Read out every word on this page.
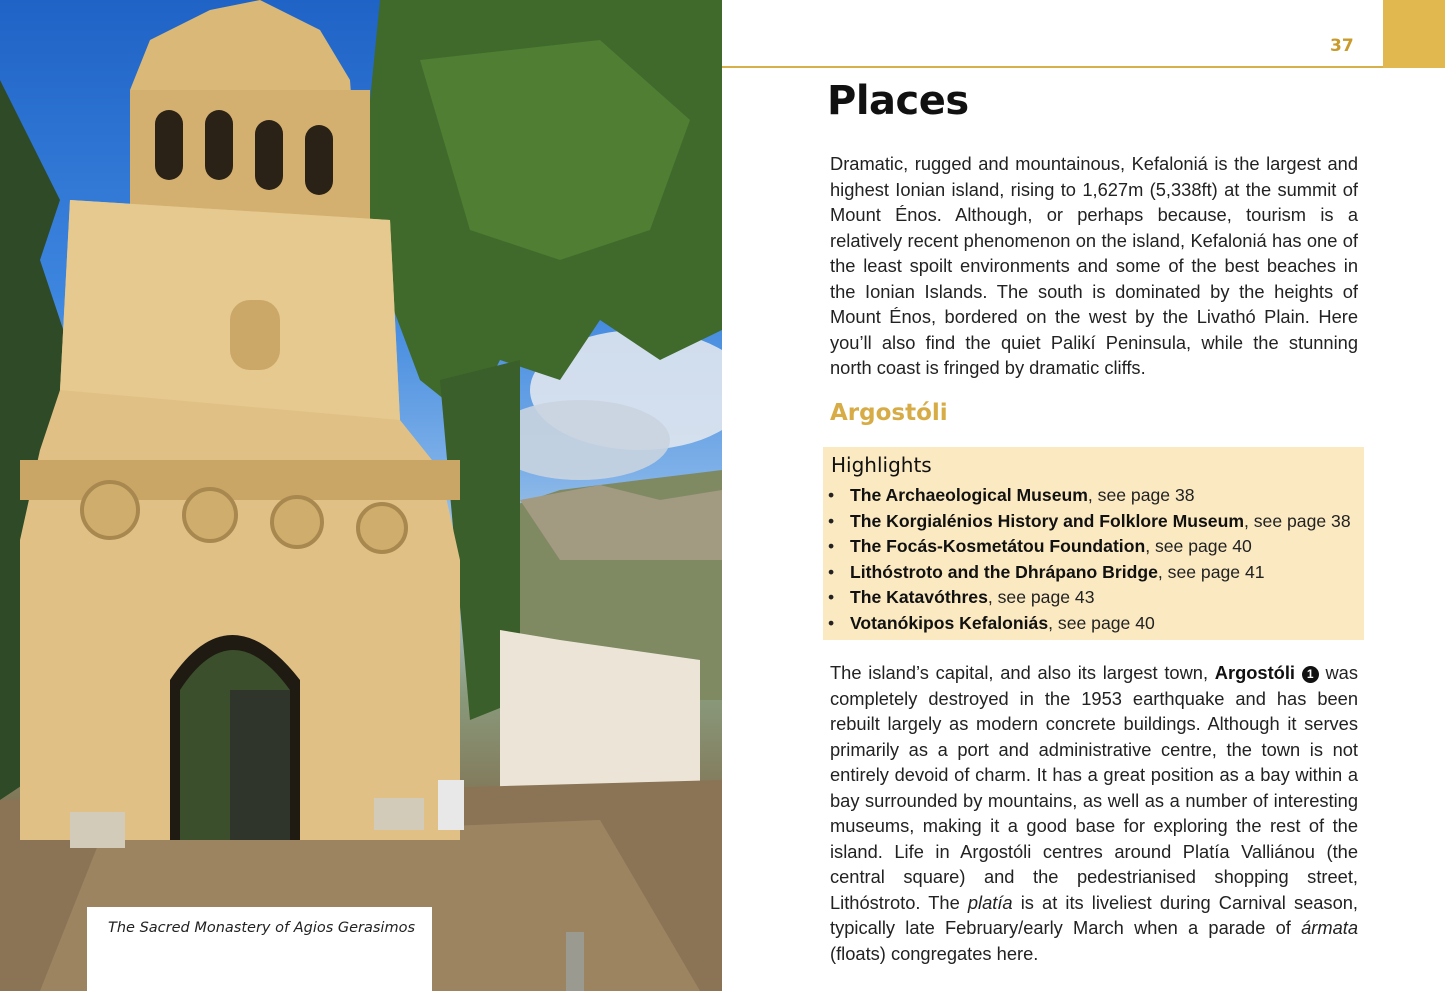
The Sacred Monastery of Agios Gerasimos
37
Places

Dramatic, rugged and mountainous, Kefaloniá is the largest and highest Ionian island, rising to 1,627m (5,338ft) at the summit of Mount Énos. Although, or perhaps because, tourism is a relatively recent phenomenon on the island, Kefaloniá has one of the least spoilt environments and some of the best beaches in the Ionian Islands. The south is dominated by the heights of Mount Énos, bordered on the west by the Livathó Plain. Here you’ll also find the quiet Palikí Peninsula, while the stunning north coast is fringed by dramatic cliffs.

Argostóli
Highlights
• The Archaeological Museum, see page 38
• The Korgialénios History and Folklore Museum, see page 38
• The Focás-Kosmetátou Foundation, see page 40
• Lithóstroto and the Dhrápano Bridge, see page 41
• The Katavóthres, see page 43
• Votanókipos Kefaloniás, see page 40

The island’s capital, and also its largest town, Argostóli 1 was completely destroyed in the 1953 earthquake and has been rebuilt largely as modern concrete buildings. Although it serves primarily as a port and administrative centre, the town is not entirely devoid of charm. It has a great position as a bay within a bay surrounded by mountains, as well as a number of interesting museums, making it a good base for exploring the rest of the island. Life in Argostóli centres around Platía Valliánou (the central square) and the pedestrianised shopping street, Lithóstroto. The platía is at its liveliest during Carnival season, typically late February/early March when a parade of ármata (floats) congregates here.
